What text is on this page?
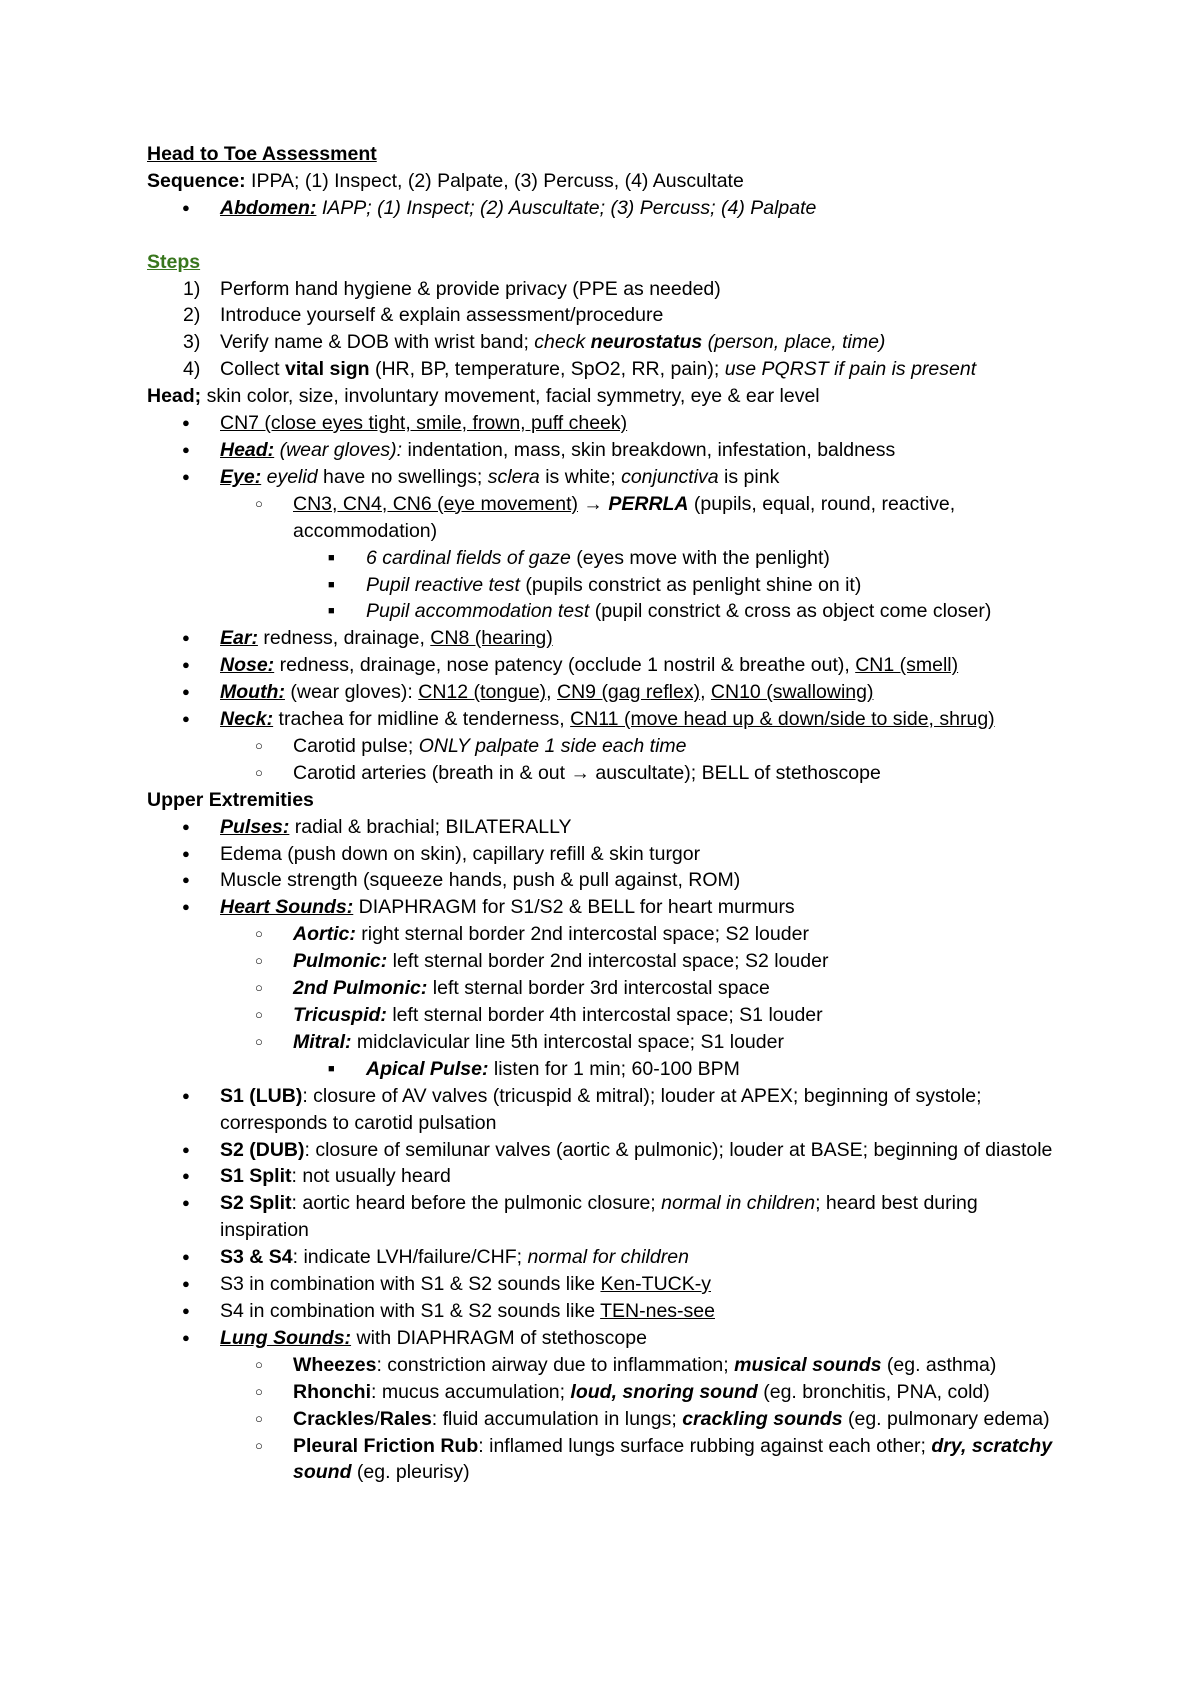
Head to Toe Assessment
Sequence: IPPA; (1) Inspect, (2) Palpate, (3) Percuss, (4) Auscultate
● Abdomen: IAPP; (1) Inspect; (2) Auscultate; (3) Percuss; (4) Palpate

Steps
1) Perform hand hygiene & provide privacy (PPE as needed)
2) Introduce yourself & explain assessment/procedure
3) Verify name & DOB with wrist band; check neurostatus (person, place, time)
4) Collect vital sign (HR, BP, temperature, SpO2, RR, pain); use PQRST if pain is present
Head; skin color, size, involuntary movement, facial symmetry, eye & ear level
● CN7 (close eyes tight, smile, frown, puff cheek)
● Head: (wear gloves): indentation, mass, skin breakdown, infestation, baldness
● Eye: eyelid have no swellings; sclera is white; conjunctiva is pink
○ CN3, CN4, CN6 (eye movement) → PERRLA (pupils, equal, round, reactive, accommodation)
■ 6 cardinal fields of gaze (eyes move with the penlight)
■ Pupil reactive test (pupils constrict as penlight shine on it)
■ Pupil accommodation test (pupil constrict & cross as object come closer)
● Ear: redness, drainage, CN8 (hearing)
● Nose: redness, drainage, nose patency (occlude 1 nostril & breathe out), CN1 (smell)
● Mouth: (wear gloves): CN12 (tongue), CN9 (gag reflex), CN10 (swallowing)
● Neck: trachea for midline & tenderness, CN11 (move head up & down/side to side, shrug)
○ Carotid pulse; ONLY palpate 1 side each time
○ Carotid arteries (breath in & out → auscultate); BELL of stethoscope
Upper Extremities
● Pulses: radial & brachial; BILATERALLY
● Edema (push down on skin), capillary refill & skin turgor
● Muscle strength (squeeze hands, push & pull against, ROM)
● Heart Sounds: DIAPHRAGM for S1/S2 & BELL for heart murmurs
○ Aortic: right sternal border 2nd intercostal space; S2 louder
○ Pulmonic: left sternal border 2nd intercostal space; S2 louder
○ 2nd Pulmonic: left sternal border 3rd intercostal space
○ Tricuspid: left sternal border 4th intercostal space; S1 louder
○ Mitral: midclavicular line 5th intercostal space; S1 louder
■ Apical Pulse: listen for 1 min; 60-100 BPM
● S1 (LUB): closure of AV valves (tricuspid & mitral); louder at APEX; beginning of systole; corresponds to carotid pulsation
● S2 (DUB): closure of semilunar valves (aortic & pulmonic); louder at BASE; beginning of diastole
● S1 Split: not usually heard
● S2 Split: aortic heard before the pulmonic closure; normal in children; heard best during inspiration
● S3 & S4: indicate LVH/failure/CHF; normal for children
● S3 in combination with S1 & S2 sounds like Ken-TUCK-y
● S4 in combination with S1 & S2 sounds like TEN-nes-see
● Lung Sounds: with DIAPHRAGM of stethoscope
○ Wheezes: constriction airway due to inflammation; musical sounds (eg. asthma)
○ Rhonchi: mucus accumulation; loud, snoring sound (eg. bronchitis, PNA, cold)
○ Crackles/Rales: fluid accumulation in lungs; crackling sounds (eg. pulmonary edema)
○ Pleural Friction Rub: inflamed lungs surface rubbing against each other; dry, scratchy sound (eg. pleurisy)
